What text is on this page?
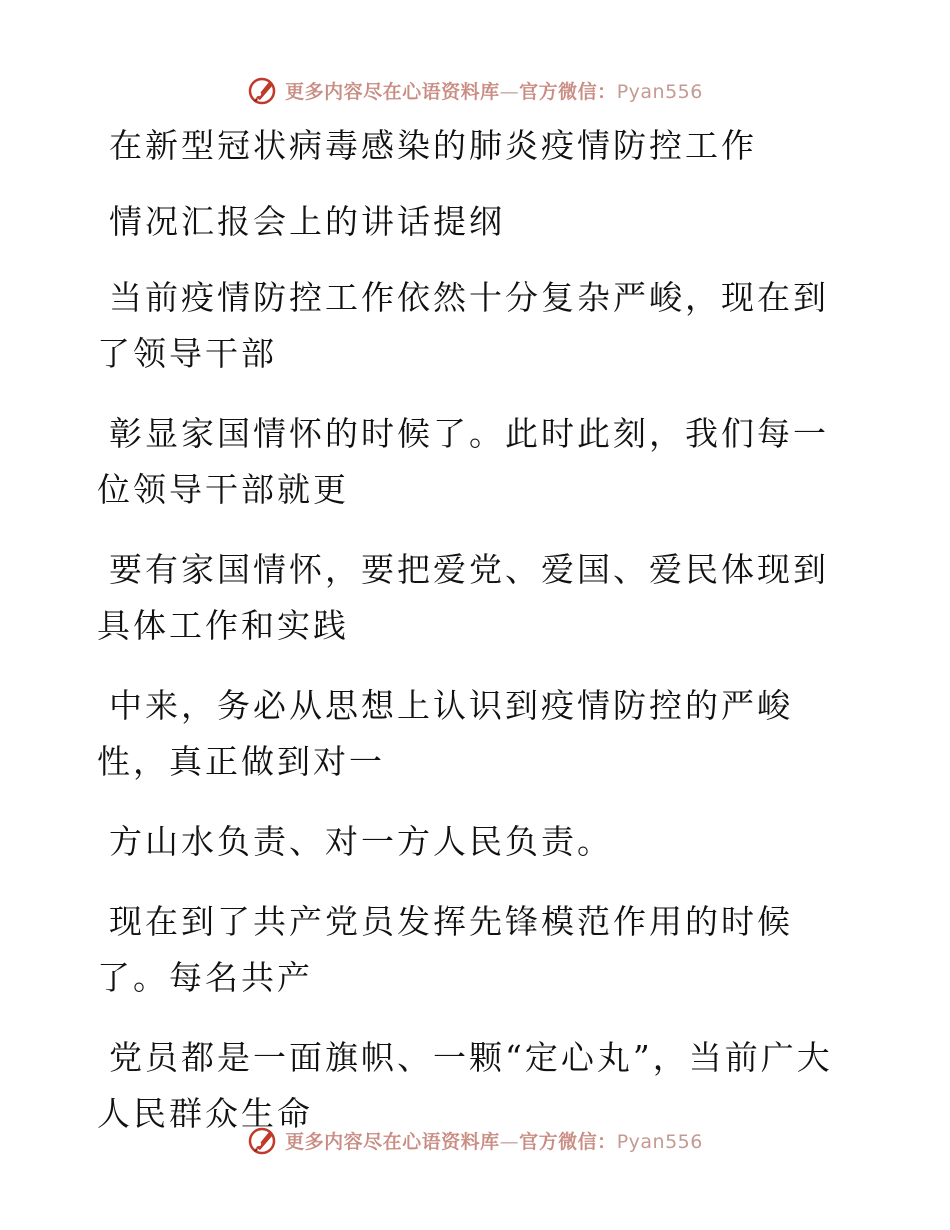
更多内容尽在心语资料库—官方微信：Pyan556

在新型冠状病毒感染的肺炎疫情防控工作

情况汇报会上的讲话提纲

当前疫情防控工作依然十分复杂严峻，现在到了领导干部

彰显家国情怀的时候了。此时此刻，我们每一位领导干部就更

要有家国情怀，要把爱党、爱国、爱民体现到具体工作和实践

中来，务必从思想上认识到疫情防控的严峻性，真正做到对一

方山水负责、对一方人民负责。

现在到了共产党员发挥先锋模范作用的时候了。每名共产

党员都是一面旗帜、一颗“定心丸”，当前广大人民群众生命

更多内容尽在心语资料库—官方微信：Pyan556
